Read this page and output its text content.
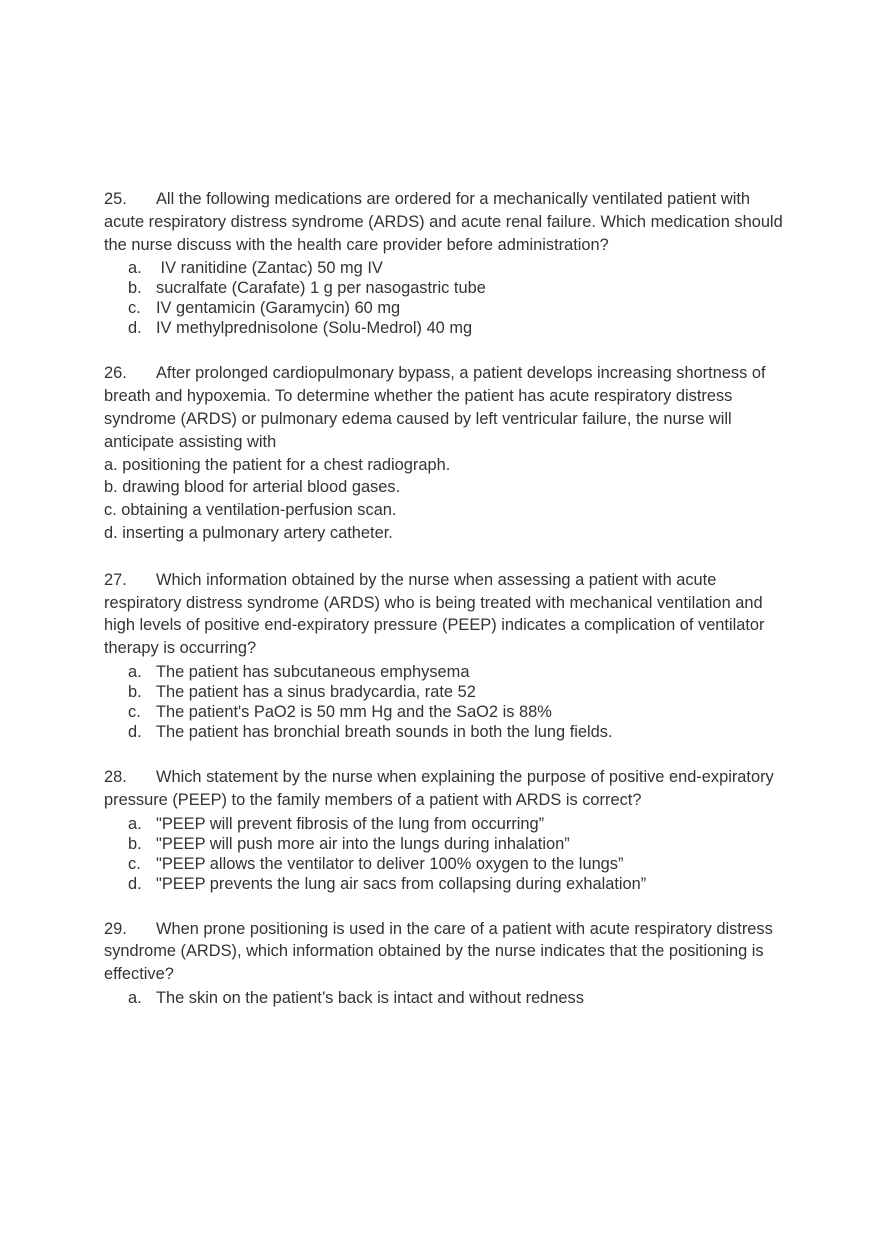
25. All the following medications are ordered for a mechanically ventilated patient with acute respiratory distress syndrome (ARDS) and acute renal failure. Which medication should the nurse discuss with the health care provider before administration?

a. IV ranitidine (Zantac) 50 mg IV
b. sucralfate (Carafate) 1 g per nasogastric tube
c. IV gentamicin (Garamycin) 60 mg
d. IV methylprednisolone (Solu-Medrol) 40 mg

26. After prolonged cardiopulmonary bypass, a patient develops increasing shortness of breath and hypoxemia. To determine whether the patient has acute respiratory distress syndrome (ARDS) or pulmonary edema caused by left ventricular failure, the nurse will anticipate assisting with

a. positioning the patient for a chest radiograph.
b. drawing blood for arterial blood gases.
c. obtaining a ventilation-perfusion scan.
d. inserting a pulmonary artery catheter.

27. Which information obtained by the nurse when assessing a patient with acute respiratory distress syndrome (ARDS) who is being treated with mechanical ventilation and high levels of positive end-expiratory pressure (PEEP) indicates a complication of ventilator therapy is occurring?

a. The patient has subcutaneous emphysema
b. The patient has a sinus bradycardia, rate 52
c. The patient's PaO2 is 50 mm Hg and the SaO2 is 88%
d. The patient has bronchial breath sounds in both the lung fields.

28. Which statement by the nurse when explaining the purpose of positive end-expiratory pressure (PEEP) to the family members of a patient with ARDS is correct?

a. "PEEP will prevent fibrosis of the lung from occurring”
b. "PEEP will push more air into the lungs during inhalation”
c. "PEEP allows the ventilator to deliver 100% oxygen to the lungs”
d. "PEEP prevents the lung air sacs from collapsing during exhalation”

29. When prone positioning is used in the care of a patient with acute respiratory distress syndrome (ARDS), which information obtained by the nurse indicates that the positioning is effective?

a. The skin on the patient’s back is intact and without redness
